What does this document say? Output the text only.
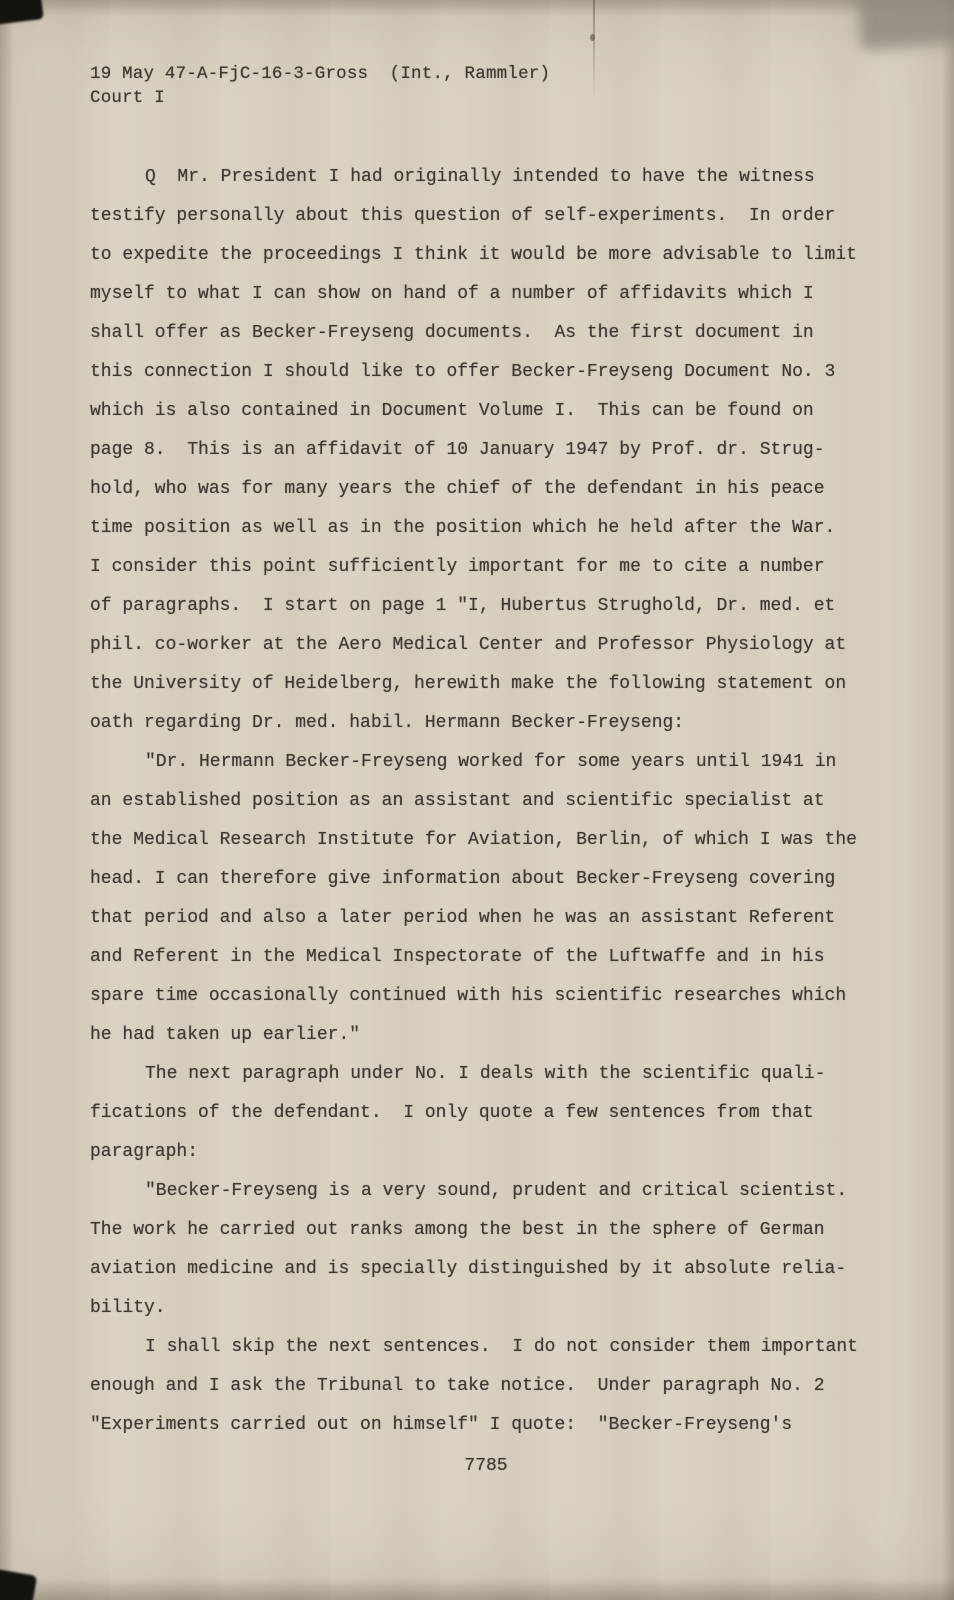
19 May 47-A-FjC-16-3-Gross  (Int., Rammler)
Court I
Q  Mr. President I had originally intended to have the witness
testify personally about this question of self-experiments.  In order
to expedite the proceedings I think it would be more advisable to limit
myself to what I can show on hand of a number of affidavits which I
shall offer as Becker-Freyseng documents.  As the first document in
this connection I should like to offer Becker-Freyseng Document No. 3
which is also contained in Document Volume I.  This can be found on
page 8.  This is an affidavit of 10 January 1947 by Prof. dr. Strug-
hold, who was for many years the chief of the defendant in his peace
time position as well as in the position which he held after the War.
I consider this point sufficiently important for me to cite a number
of paragraphs.  I start on page 1 "I, Hubertus Strughold, Dr. med. et
phil. co-worker at the Aero Medical Center and Professor Physiology at
the University of Heidelberg, herewith make the following statement on
oath regarding Dr. med. habil. Hermann Becker-Freyseng:
"Dr. Hermann Becker-Freyseng worked for some years until 1941 in
an established position as an assistant and scientific specialist at
the Medical Research Institute for Aviation, Berlin, of which I was the
head. I can therefore give information about Becker-Freyseng covering
that period and also a later period when he was an assistant Referent
and Referent in the Medical Inspectorate of the Luftwaffe and in his
spare time occasionally continued with his scientific researches which
he had taken up earlier."
The next paragraph under No. I deals with the scientific quali-
fications of the defendant.  I only quote a few sentences from that
paragraph:
"Becker-Freyseng is a very sound, prudent and critical scientist.
The work he carried out ranks among the best in the sphere of German
aviation medicine and is specially distinguished by it absolute relia-
bility.
I shall skip the next sentences.  I do not consider them important
enough and I ask the Tribunal to take notice.  Under paragraph No. 2
"Experiments carried out on himself" I quote:  "Becker-Freyseng's
7785
